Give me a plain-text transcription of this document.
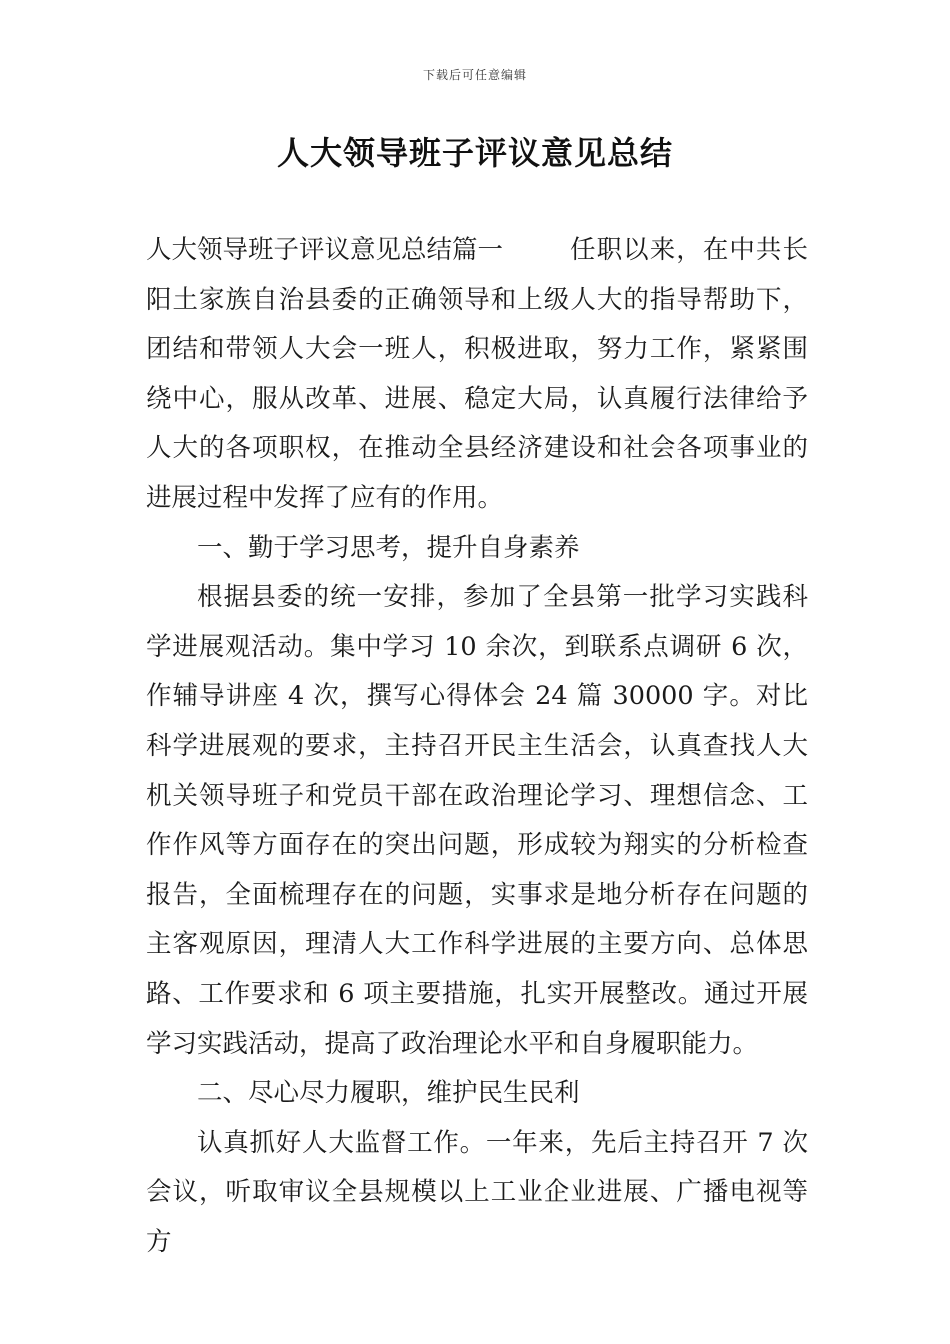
下载后可任意编辑
人大领导班子评议意见总结

人大领导班子评议意见总结篇一	任职以来，在中共长阳土家族自治县委的正确领导和上级人大的指导帮助下，团结和带领人大会一班人，积极进取，努力工作，紧紧围绕中心，服从改革、进展、稳定大局，认真履行法律给予人大的各项职权，在推动全县经济建设和社会各项事业的进展过程中发挥了应有的作用。

一、勤于学习思考，提升自身素养

根据县委的统一安排，参加了全县第一批学习实践科学进展观活动。集中学习 10 余次，到联系点调研 6 次，作辅导讲座 4 次，撰写心得体会 24 篇 30000 字。对比科学进展观的要求，主持召开民主生活会，认真查找人大机关领导班子和党员干部在政治理论学习、理想信念、工作作风等方面存在的突出问题，形成较为翔实的分析检查报告，全面梳理存在的问题，实事求是地分析存在问题的主客观原因，理清人大工作科学进展的主要方向、总体思路、工作要求和 6 项主要措施，扎实开展整改。通过开展学习实践活动，提高了政治理论水平和自身履职能力。

二、尽心尽力履职，维护民生民利

认真抓好人大监督工作。一年来，先后主持召开 7 次会议，听取审议全县规模以上工业企业进展、广播电视等方
